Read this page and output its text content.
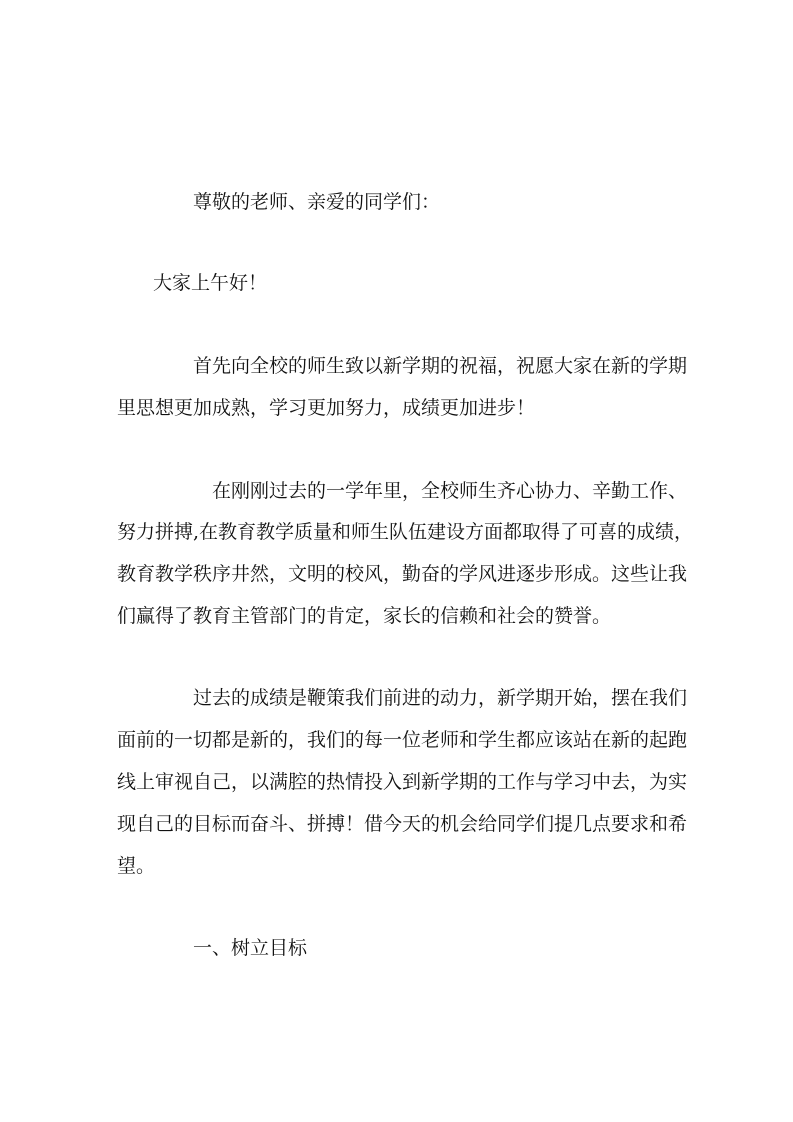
尊敬的老师、亲爱的同学们：
大家上午好！
首先向全校的师生致以新学期的祝福，祝愿大家在新的学期
里思想更加成熟，学习更加努力，成绩更加进步！
在刚刚过去的一学年里，全校师生齐心协力、辛勤工作、
努力拼搏,在教育教学质量和师生队伍建设方面都取得了可喜的成绩，
教育教学秩序井然，文明的校风，勤奋的学风进逐步形成。这些让我
们赢得了教育主管部门的肯定，家长的信赖和社会的赞誉。
过去的成绩是鞭策我们前进的动力，新学期开始，摆在我们
面前的一切都是新的，我们的每一位老师和学生都应该站在新的起跑
线上审视自己，以满腔的热情投入到新学期的工作与学习中去，为实
现自己的目标而奋斗、拼搏！借今天的机会给同学们提几点要求和希
望。
一、树立目标
